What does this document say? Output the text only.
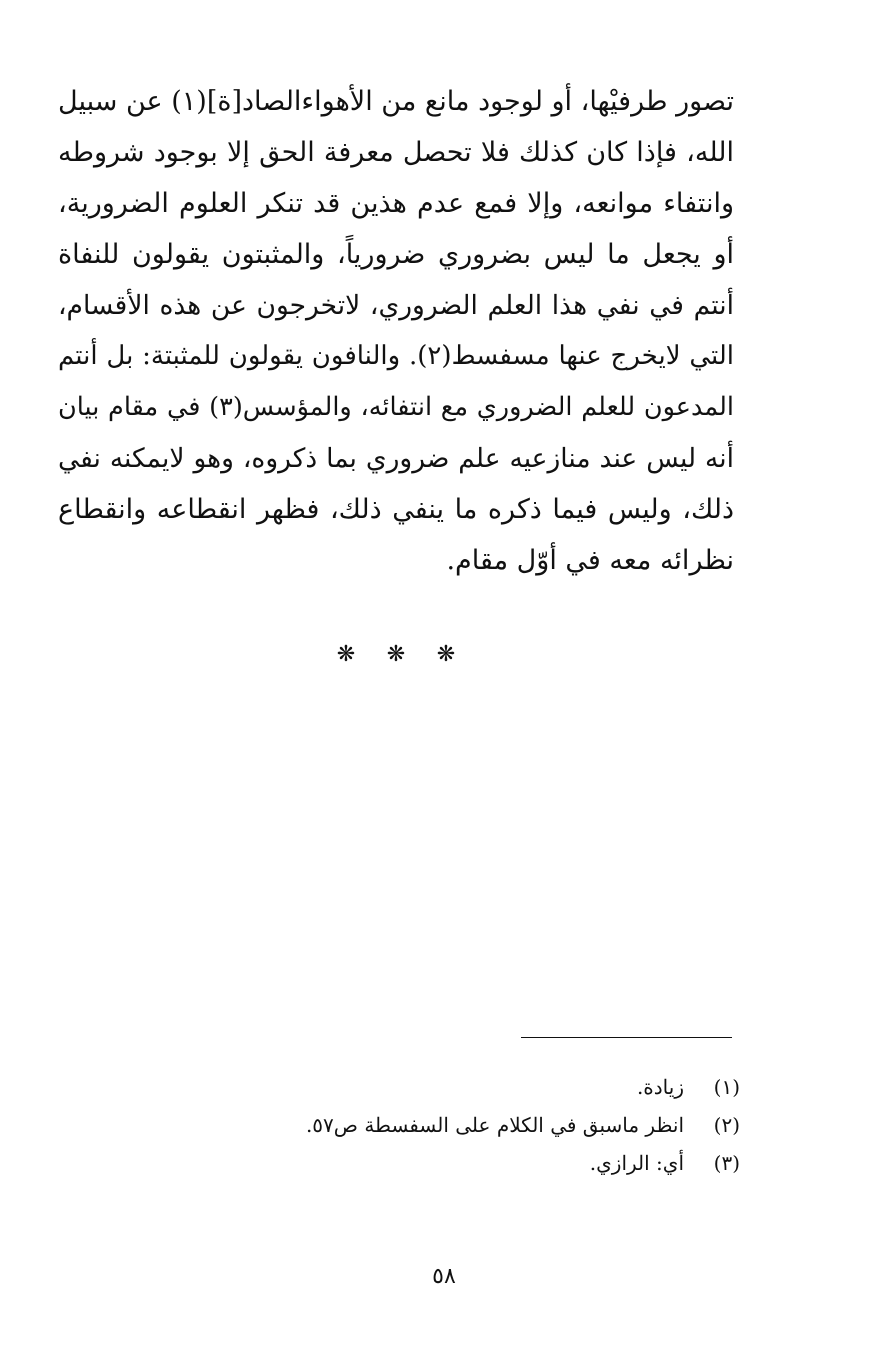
تصور طرفيْها، أو لوجود مانع من الأهواءالصاد[ة](١) عن سبيل
الله، فإذا كان كذلك فلا تحصل معرفة الحق إلا بوجود شروطه
وانتفاء موانعه، وإلا فمع عدم هذين قد تنكر العلوم الضرورية،
أو يجعل ما ليس بضروري ضرورياً، والمثبتون يقولون للنفاة
أنتم في نفي هذا العلم الضروري، لاتخرجون عن هذه الأقسام،
التي لايخرج عنها مسفسط(٢). والنافون يقولون للمثبتة: بل أنتم
المدعون للعلم الضروري مع انتفائه، والمؤسس(٣) في مقام بيان
أنه ليس عند منازعيه علم ضروري بما ذكروه، وهو لايمكنه نفي
ذلك، وليس فيما ذكره ما ينفي ذلك، فظهر انقطاعه وانقطاع
نظرائه معه في أوّل مقام.
❋ ❋ ❋
(١)
زيادة.
(٢)
انظر ماسبق في الكلام على السفسطة ص٥٧.
(٣)
أي: الرازي.
٥٨
